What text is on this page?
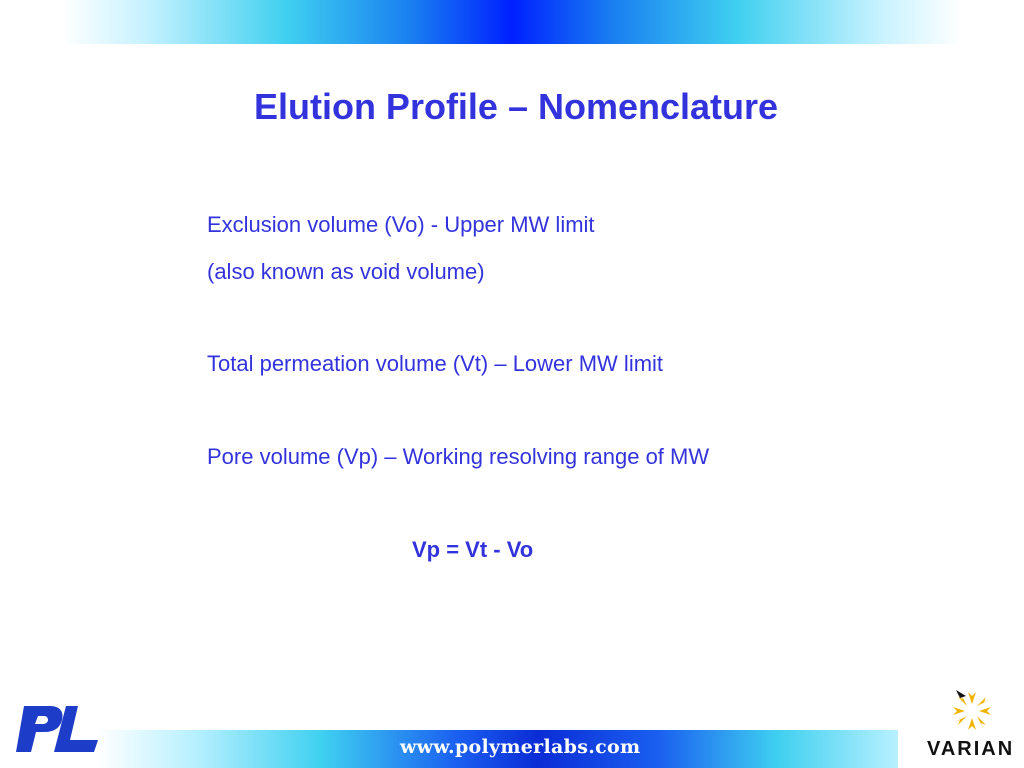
Elution Profile – Nomenclature
Exclusion volume (Vo) - Upper MW limit
(also known as void volume)
Total permeation volume (Vt) – Lower MW limit
Pore volume (Vp) – Working resolving range of MW
Vp = Vt - Vo
www.polymerlabs.com	VARIAN
